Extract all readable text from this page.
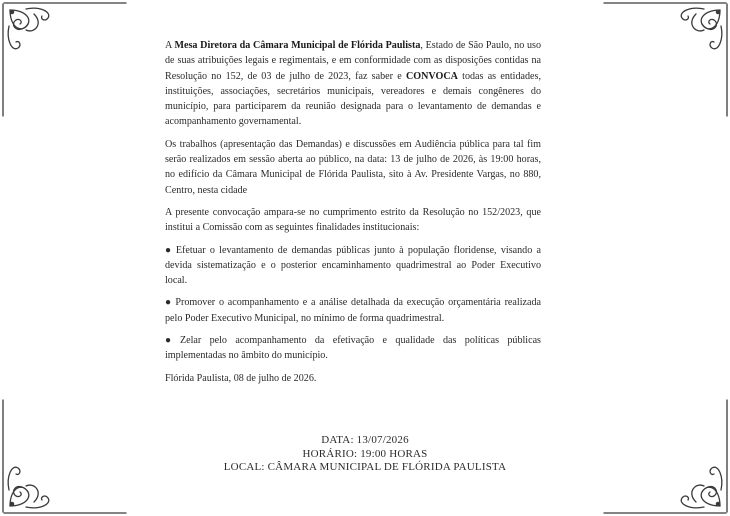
A Mesa Diretora da Câmara Municipal de Flórida Paulista, Estado de São Paulo, no uso de suas atribuições legais e regimentais, e em conformidade com as disposições contidas na Resolução no 152, de 03 de julho de 2023, faz saber e CONVOCA todas as entidades, instituições, associações, secretários municipais, vereadores e demais congêneres do município, para participarem da reunião designada para o levantamento de demandas e acompanhamento governamental.

Os trabalhos (apresentação das Demandas) e discussões em Audiência pública para tal fim serão realizados em sessão aberta ao público, na data: 13 de julho de 2026, às 19:00 horas, no edifício da Câmara Municipal de Flórida Paulista, sito à Av. Presidente Vargas, no 880, Centro, nesta cidade

A presente convocação ampara-se no cumprimento estrito da Resolução no 152/2023, que institui a Comissão com as seguintes finalidades institucionais:

● Efetuar o levantamento de demandas públicas junto à população floridense, visando a devida sistematização e o posterior encaminhamento quadrimestral ao Poder Executivo local.

● Promover o acompanhamento e a análise detalhada da execução orçamentária realizada pelo Poder Executivo Municipal, no mínimo de forma quadrimestral.

● Zelar pelo acompanhamento da efetivação e qualidade das políticas públicas implementadas no âmbito do município.

Flórida Paulista, 08 de julho de 2026.

DATA: 13/07/2026
HORÁRIO: 19:00 HORAS
LOCAL: CÂMARA MUNICIPAL DE FLÓRIDA PAULISTA
